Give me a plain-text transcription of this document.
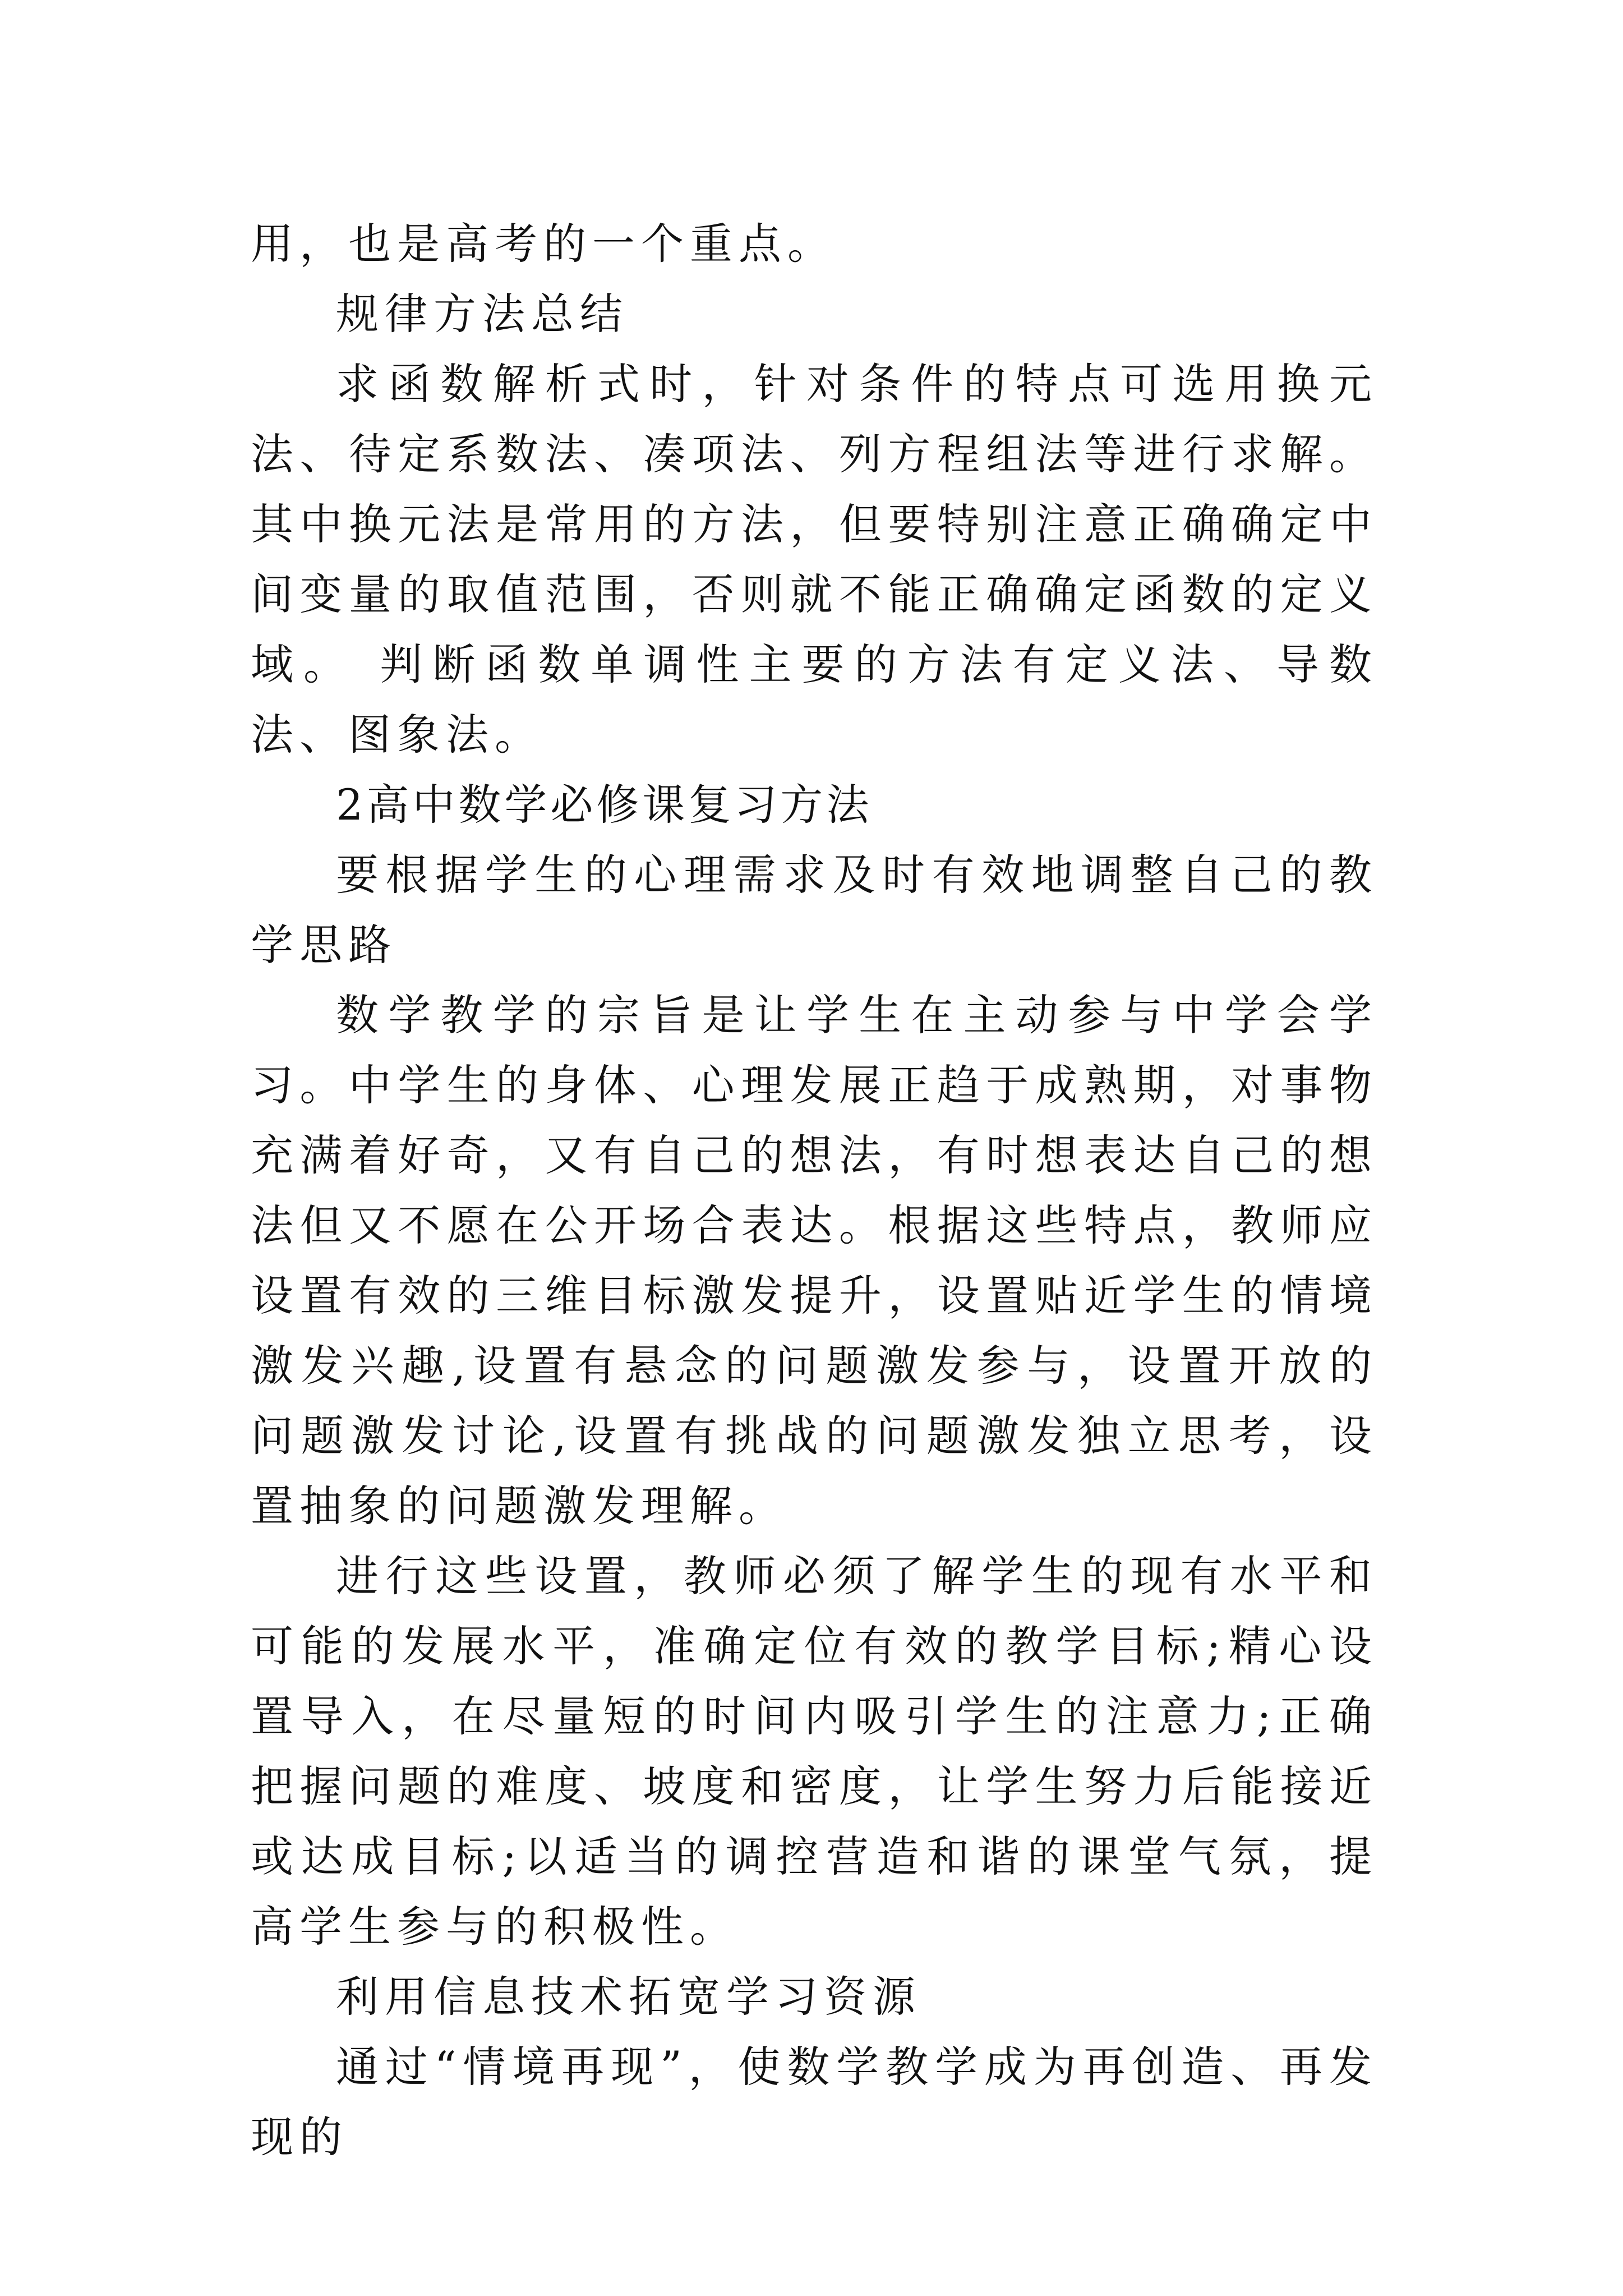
用，也是高考的一个重点。

规律方法总结

求函数解析式时，针对条件的特点可选用换元法、待定系数法、凑项法、列方程组法等进行求解。其中换元法是常用的方法，但要特别注意正确确定中间变量的取值范围，否则就不能正确确定函数的定义域。 判断函数单调性主要的方法有定义法、导数法、图象法。

2高中数学必修课复习方法

要根据学生的心理需求及时有效地调整自己的教学思路

数学教学的宗旨是让学生在主动参与中学会学习。中学生的身体、心理发展正趋于成熟期，对事物充满着好奇，又有自己的想法，有时想表达自己的想法但又不愿在公开场合表达。根据这些特点，教师应设置有效的三维目标激发提升，设置贴近学生的情境激发兴趣,设置有悬念的问题激发参与，设置开放的问题激发讨论,设置有挑战的问题激发独立思考，设置抽象的问题激发理解。

进行这些设置，教师必须了解学生的现有水平和可能的发展水平，准确定位有效的教学目标;精心设置导入，在尽量短的时间内吸引学生的注意力;正确把握问题的难度、坡度和密度，让学生努力后能接近或达成目标;以适当的调控营造和谐的课堂气氛，提高学生参与的积极性。

利用信息技术拓宽学习资源

通过“情境再现”，使数学教学成为再创造、再发现的
